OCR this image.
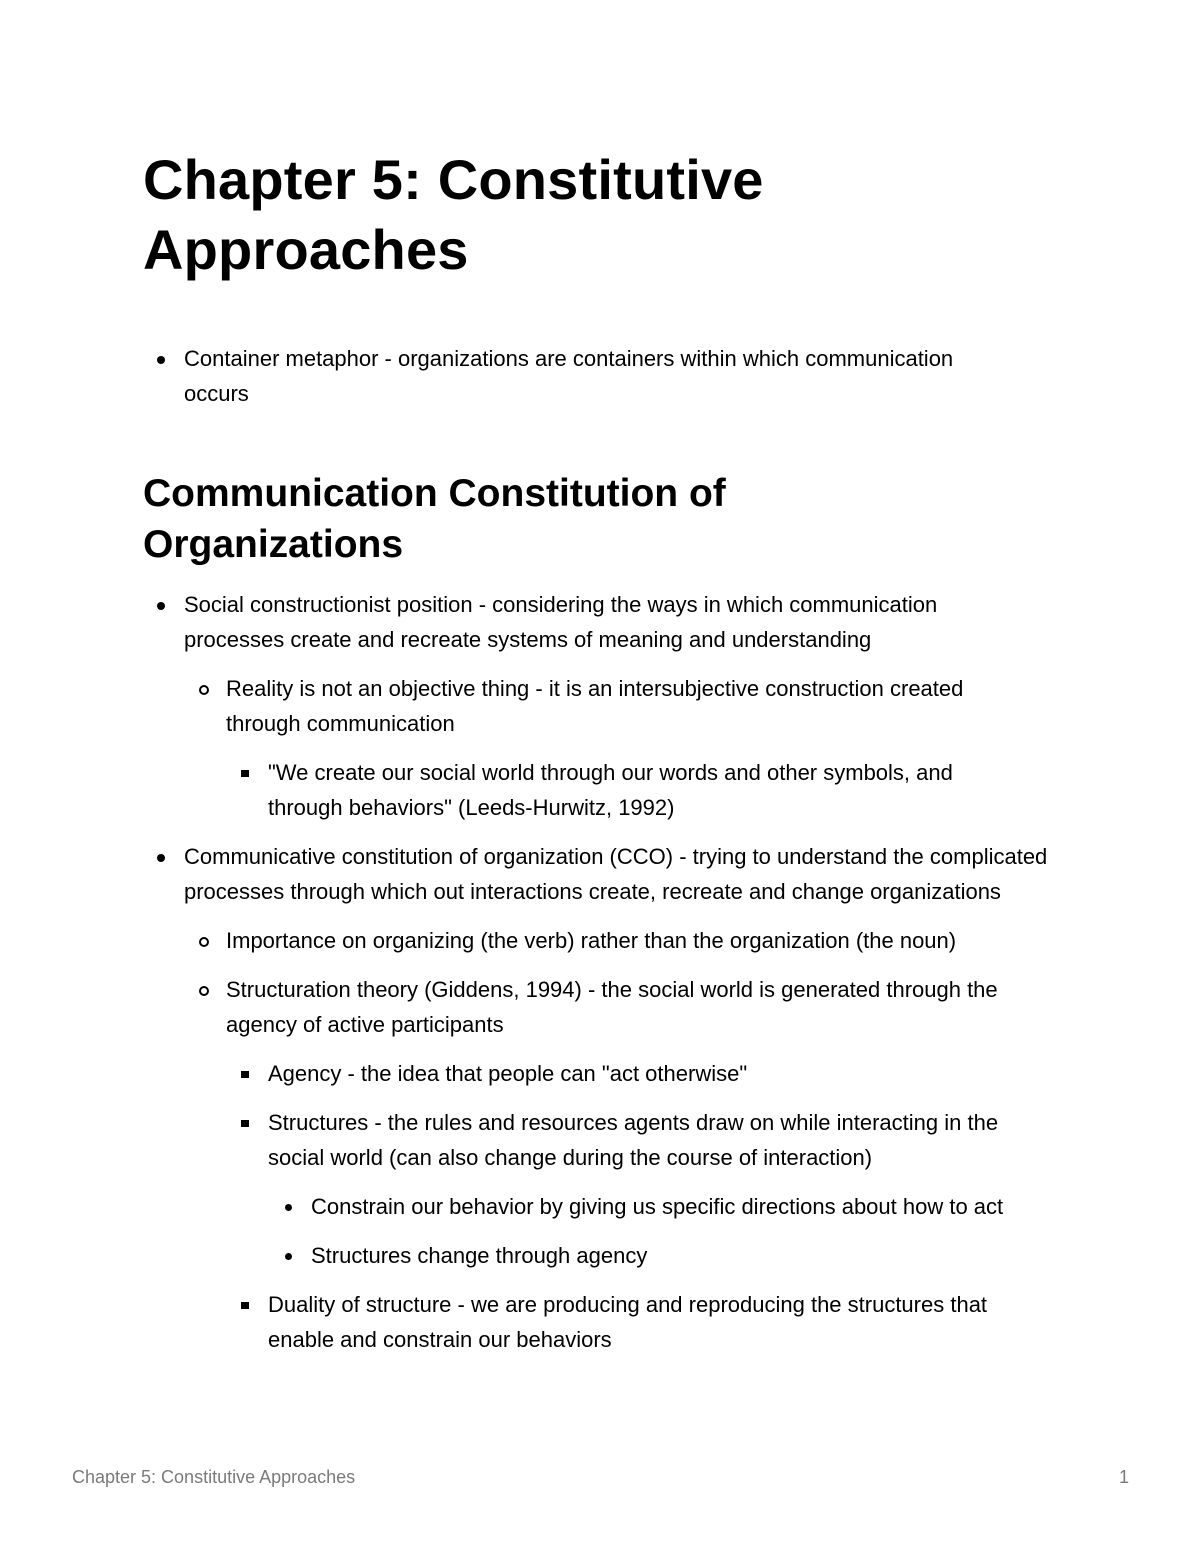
Chapter 5: Constitutive Approaches
Container metaphor - organizations are containers within which communication occurs
Communication Constitution of Organizations
Social constructionist position - considering the ways in which communication processes create and recreate systems of meaning and understanding
Reality is not an objective thing - it is an intersubjective construction created through communication
"We create our social world through our words and other symbols, and through behaviors" (Leeds-Hurwitz, 1992)
Communicative constitution of organization (CCO) - trying to understand the complicated processes through which out interactions create, recreate and change organizations
Importance on organizing (the verb) rather than the organization (the noun)
Structuration theory (Giddens, 1994) - the social world is generated through the agency of active participants
Agency - the idea that people can "act otherwise"
Structures - the rules and resources agents draw on while interacting in the social world (can also change during the course of interaction)
Constrain our behavior by giving us specific directions about how to act
Structures change through agency
Duality of structure - we are producing and reproducing the structures that enable and constrain our behaviors
Chapter 5: Constitutive Approaches	1
